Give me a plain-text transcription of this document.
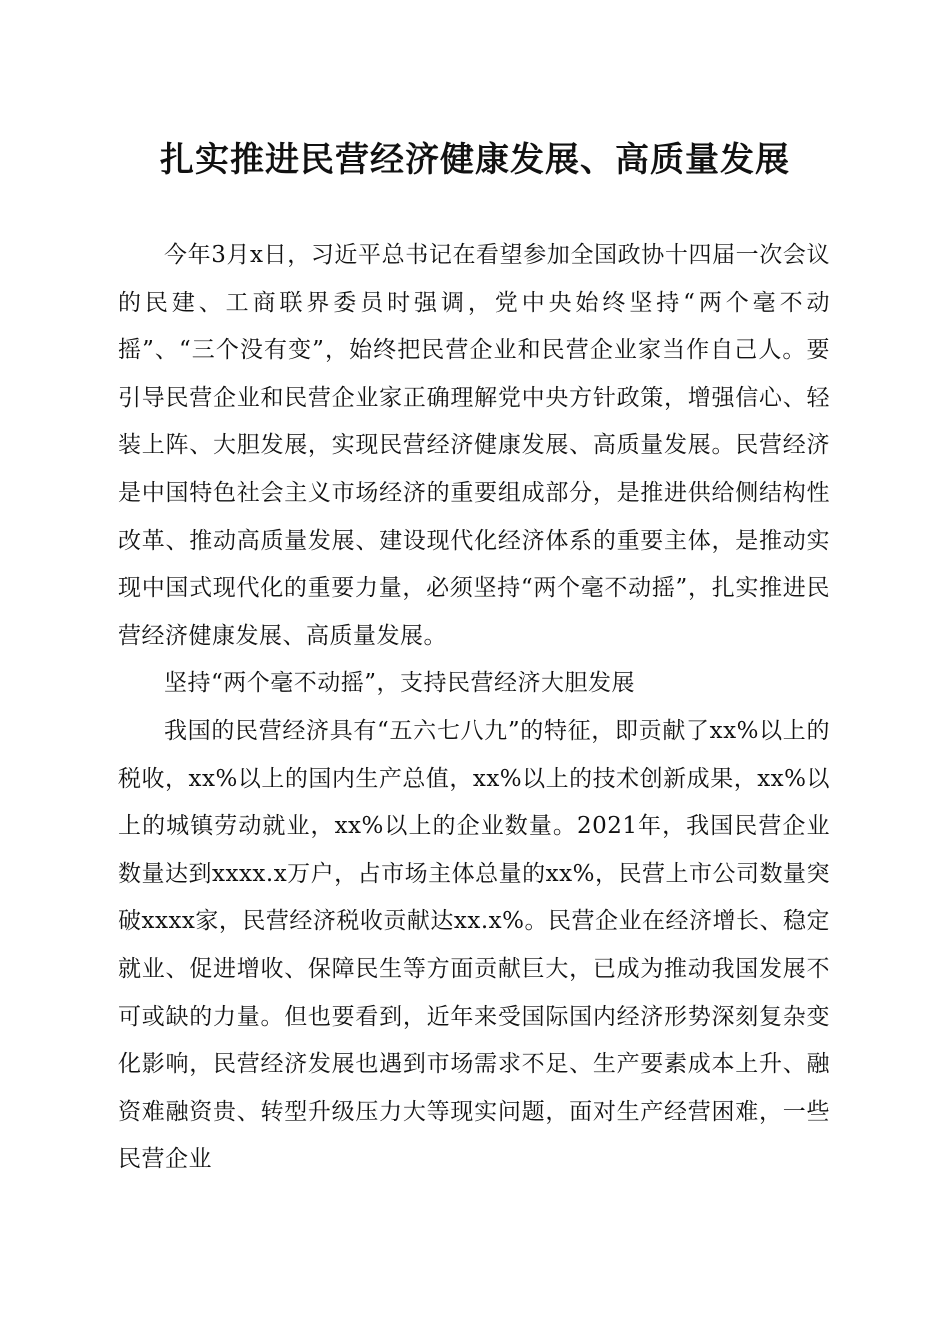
扎实推进民营经济健康发展、高质量发展

今年3月x日，习近平总书记在看望参加全国政协十四届一次会议的民建、工商联界委员时强调，党中央始终坚持“两个毫不动摇”、“三个没有变”，始终把民营企业和民营企业家当作自己人。要引导民营企业和民营企业家正确理解党中央方针政策，增强信心、轻装上阵、大胆发展，实现民营经济健康发展、高质量发展。民营经济是中国特色社会主义市场经济的重要组成部分，是推进供给侧结构性改革、推动高质量发展、建设现代化经济体系的重要主体，是推动实现中国式现代化的重要力量，必须坚持“两个毫不动摇”，扎实推进民营经济健康发展、高质量发展。

坚持“两个毫不动摇”，支持民营经济大胆发展

我国的民营经济具有“五六七八九”的特征，即贡献了xx%以上的税收，xx%以上的国内生产总值，xx%以上的技术创新成果，xx%以上的城镇劳动就业，xx%以上的企业数量。2021年，我国民营企业数量达到xxxx.x万户，占市场主体总量的xx%，民营上市公司数量突破xxxx家，民营经济税收贡献达xx.x%。民营企业在经济增长、稳定就业、促进增收、保障民生等方面贡献巨大，已成为推动我国发展不可或缺的力量。但也要看到，近年来受国际国内经济形势深刻复杂变化影响，民营经济发展也遇到市场需求不足、生产要素成本上升、融资难融资贵、转型升级压力大等现实问题，面对生产经营困难，一些民营企业
